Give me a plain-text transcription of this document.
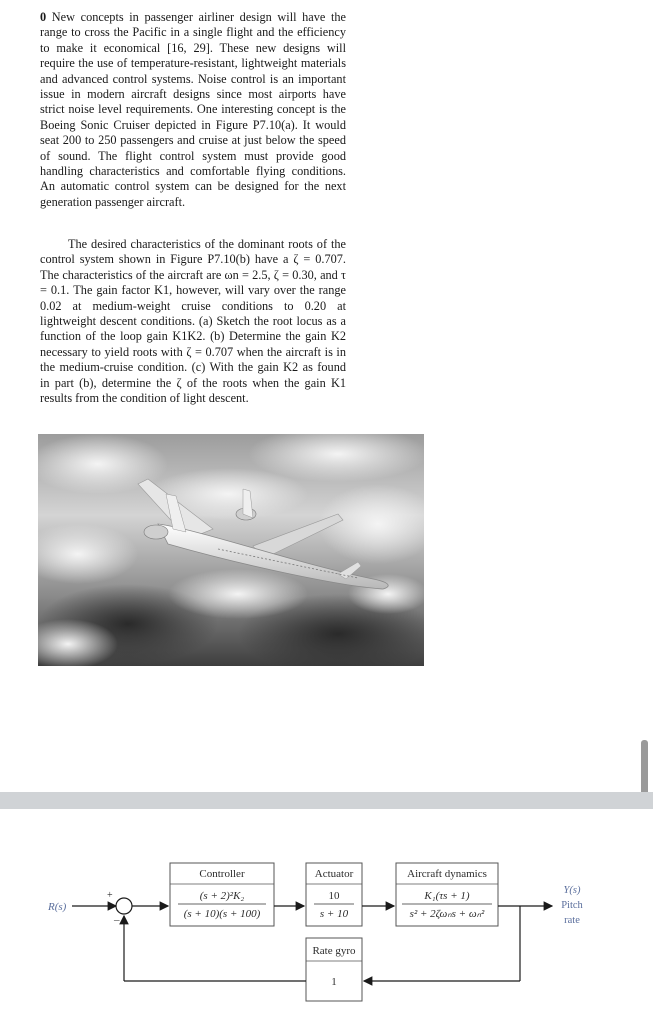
0 New concepts in passenger airliner design will have the range to cross the Pacific in a single flight and the efficiency to make it economical [16, 29]. These new designs will require the use of temperature-resistant, lightweight materials and advanced control systems. Noise control is an important issue in modern aircraft designs since most airports have strict noise level requirements. One interesting concept is the Boeing Sonic Cruiser depicted in Figure P7.10(a). It would seat 200 to 250 passengers and cruise at just below the speed of sound. The flight control system must provide good handling characteristics and comfortable flying conditions. An automatic control system can be designed for the next generation passenger aircraft.

The desired characteristics of the dominant roots of the control system shown in Figure P7.10(b) have a ζ = 0.707. The characteristics of the aircraft are ωn = 2.5, ζ = 0.30, and τ = 0.1. The gain factor K1, however, will vary over the range 0.02 at medium-weight cruise conditions to 0.20 at lightweight descent conditions. (a) Sketch the root locus as a function of the loop gain K1K2. (b) Determine the gain K2 necessary to yield roots with ζ = 0.707 when the aircraft is in the medium-cruise condition. (c) With the gain K2 as found in part (b), determine the ζ of the roots when the gain K1 results from the condition of light descent.

R(s)
+
–
Controller
(s + 2)²K₂
(s + 10)(s + 100)
Actuator
10
s + 10
Aircraft dynamics
K₁(τs + 1)
s² + 2ζωₙs + ωₙ²
Y(s)
Pitch
rate
Rate gyro
1
